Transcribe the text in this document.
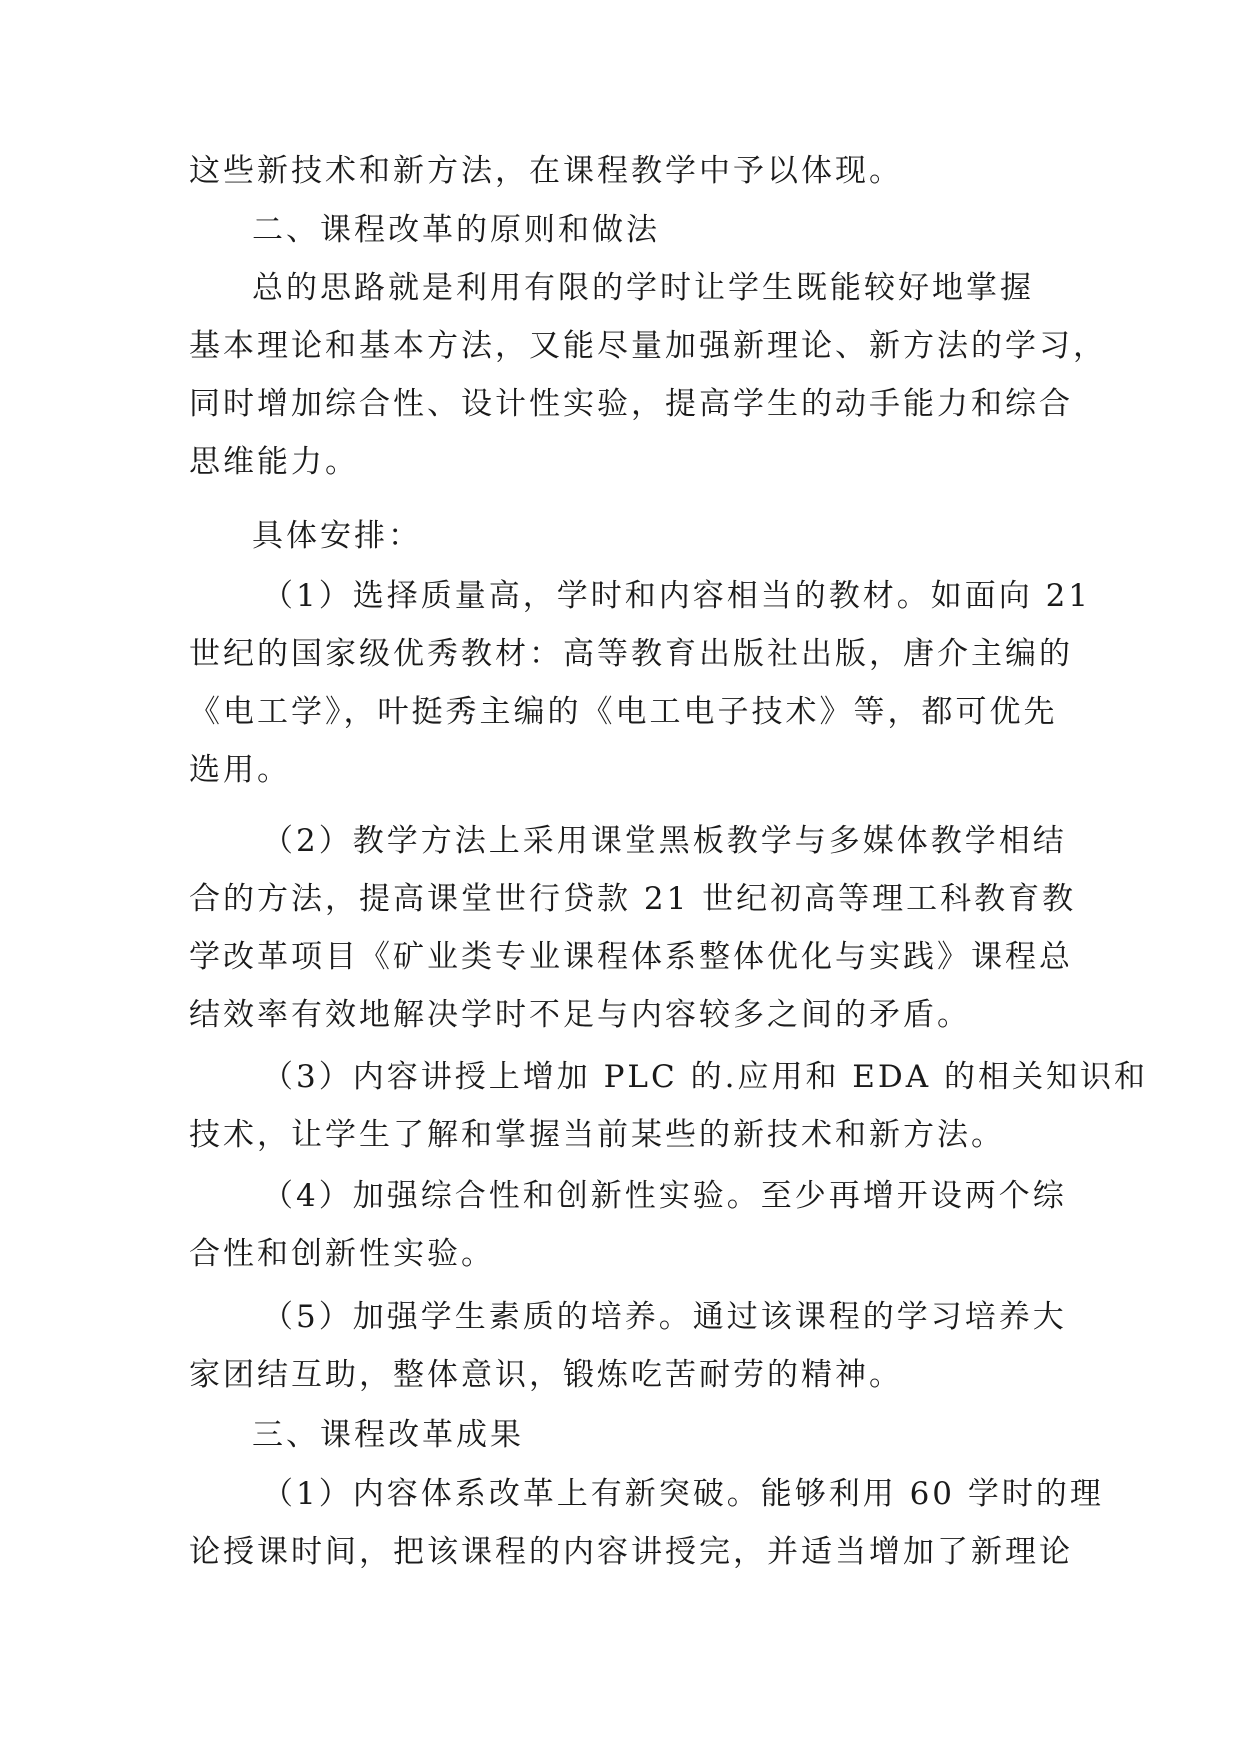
这些新技术和新方法，在课程教学中予以体现。
二、课程改革的原则和做法
总的思路就是利用有限的学时让学生既能较好地掌握
基本理论和基本方法，又能尽量加强新理论、新方法的学习，
同时增加综合性、设计性实验，提高学生的动手能力和综合
思维能力。
具体安排：
（1）选择质量高，学时和内容相当的教材。如面向 21
世纪的国家级优秀教材：高等教育出版社出版，唐介主编的
《电工学》，叶挺秀主编的《电工电子技术》等，都可优先
选用。
（2）教学方法上采用课堂黑板教学与多媒体教学相结
合的方法，提高课堂世行贷款 21 世纪初高等理工科教育教
学改革项目《矿业类专业课程体系整体优化与实践》课程总
结效率有效地解决学时不足与内容较多之间的矛盾。
（3）内容讲授上增加 PLC 的.应用和 EDA 的相关知识和
技术，让学生了解和掌握当前某些的新技术和新方法。
（4）加强综合性和创新性实验。至少再增开设两个综
合性和创新性实验。
（5）加强学生素质的培养。通过该课程的学习培养大
家团结互助，整体意识，锻炼吃苦耐劳的精神。
三、课程改革成果
（1）内容体系改革上有新突破。能够利用 60 学时的理
论授课时间，把该课程的内容讲授完，并适当增加了新理论
